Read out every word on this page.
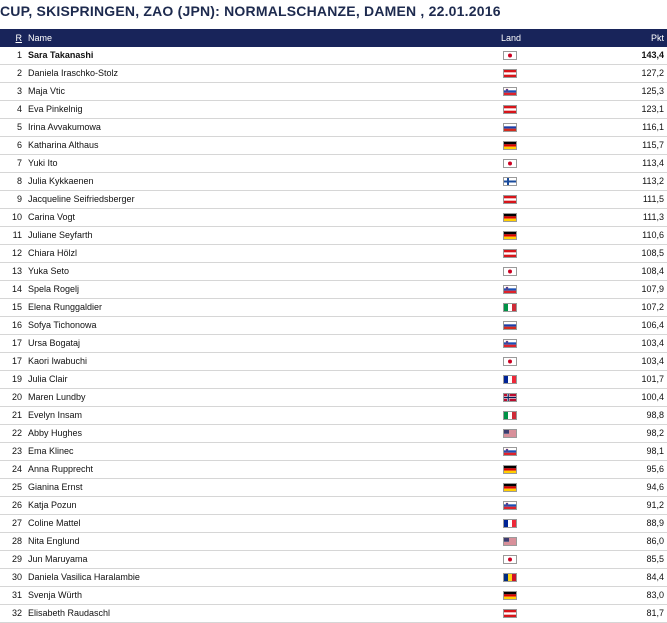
CUP, SKISPRINGEN, ZAO (JPN): NORMALSCHANZE, DAMEN , 22.01.2016
R Name	Land	Pkt
1 Sara Takanashi	143,4
2 Daniela Iraschko-Stolz	127,2
3 Maja Vtic	125,3
4 Eva Pinkelnig	123,1
5 Irina Avvakumowa	116,1
6 Katharina Althaus	115,7
7 Yuki Ito	113,4
8 Julia Kykkaenen	113,2
9 Jacqueline Seifriedsberger	111,5
10 Carina Vogt	111,3
11 Juliane Seyfarth	110,6
12 Chiara Hölzl	108,5
13 Yuka Seto	108,4
14 Spela Rogelj	107,9
15 Elena Runggaldier	107,2
16 Sofya Tichonowa	106,4
17 Ursa Bogataj	103,4
17 Kaori Iwabuchi	103,4
19 Julia Clair	101,7
20 Maren Lundby	100,4
21 Evelyn Insam	98,8
22 Abby Hughes	98,2
23 Ema Klinec	98,1
24 Anna Rupprecht	95,6
25 Gianina Ernst	94,6
26 Katja Pozun	91,2
27 Coline Mattel	88,9
28 Nita Englund	86,0
29 Jun Maruyama	85,5
30 Daniela Vasilica Haralambie	84,4
31 Svenja Würth	83,0
32 Elisabeth Raudaschl	81,7
